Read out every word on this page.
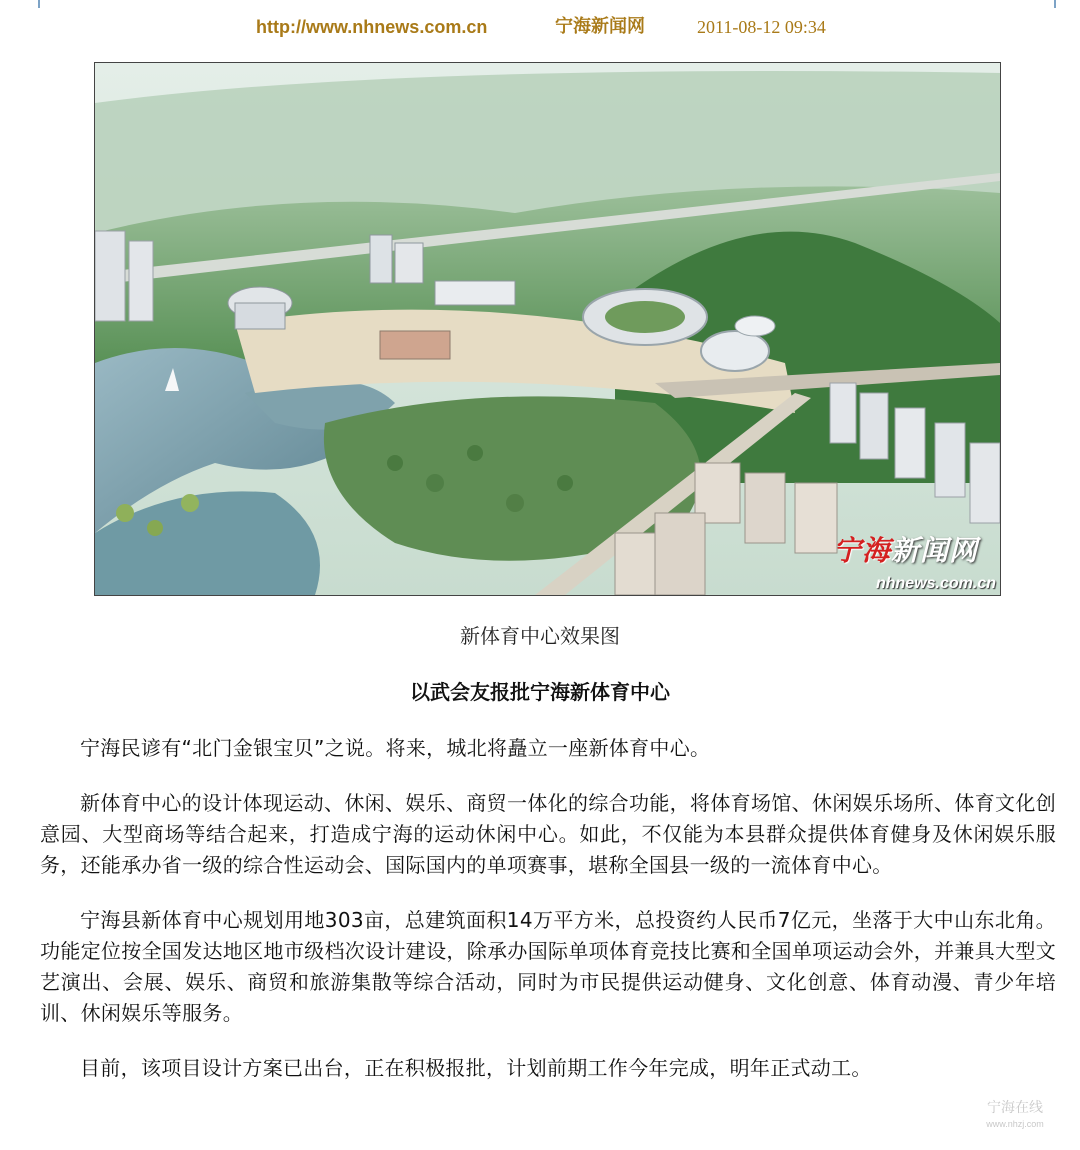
http://www.nhnews.com.cn	宁海新闻网	2011-08-12 09:34
宁海新闻网
nhnews.com.cn
新体育中心效果图
以武会友报批宁海新体育中心

宁海民谚有“北门金银宝贝”之说。将来，城北将矗立一座新体育中心。

新体育中心的设计体现运动、休闲、娱乐、商贸一体化的综合功能，将体育场馆、休闲娱乐场所、体育文化创意园、大型商场等结合起来，打造成宁海的运动休闲中心。如此，不仅能为本县群众提供体育健身及休闲娱乐服务，还能承办省一级的综合性运动会、国际国内的单项赛事，堪称全国县一级的一流体育中心。

宁海县新体育中心规划用地303亩，总建筑面积14万平方米，总投资约人民币7亿元，坐落于大中山东北角。功能定位按全国发达地区地市级档次设计建设，除承办国际单项体育竞技比赛和全国单项运动会外，并兼具大型文艺演出、会展、娱乐、商贸和旅游集散等综合活动，同时为市民提供运动健身、文化创意、体育动漫、青少年培训、休闲娱乐等服务。

目前，该项目设计方案已出台，正在积极报批，计划前期工作今年完成，明年正式动工。

宁海在线
www.nhzj.com
